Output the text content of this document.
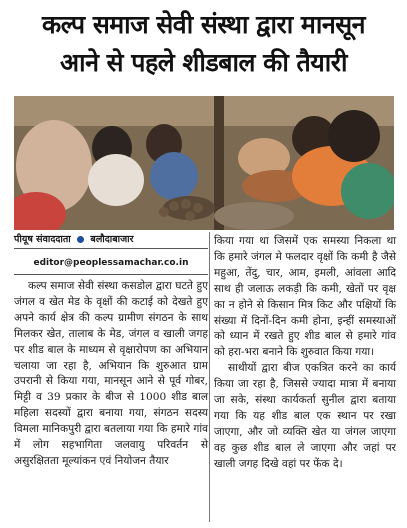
कल्प समाज सेवी संस्था द्वारा मानसून
आने से पहले शीडबाल की तैयारी
पीयूष संवाददाता बलौदाबाजार
editor@peoplessamachar.co.in

कल्प समाज सेवी संस्था कसडोल द्वारा घटते हुए जंगल व खेत मेड के वृक्षों की कटाई को देखते हुए अपने कार्य क्षेत्र की कल्प ग्रामीण संगठन के साथ मिलकर खेत, तालाब के मेड, जंगल व खाली जगह पर शीड बाल के माध्यम से वृक्षारोपण का अभियान चलाया जा रहा है, अभियान कि शुरुआत ग्राम उपरानी से किया गया, मानसून आने से पूर्व गोबर, मिट्टी व 39 प्रकार के बीज से 1000 शीड बाल महिला सदस्यों द्वारा बनाया गया, संगठन सदस्य विमला मानिकपुरी द्वारा बतलाया गया कि हमारे गांव में लोग सहभागिता जलवायु परिवर्तन से असुरक्षितता मूल्यांकन एवं नियोजन तैयार

किया गया था जिसमें एक समस्या निकला था कि हमारे जंगल मे फलदार वृक्षों कि कमी है जैसे महुआ, तेंदु, चार, आम, इमली, आंवला आदि साथ ही जलाऊ लकड़ी कि कमी, खेतों पर वृक्ष का न होने से किसान मित्र किट और पक्षियों कि संख्या में दिनों-दिन कमी होना, इन्हीं समस्याओं को ध्यान में रखते हुए शीड बाल से हमारे गांव को हरा-भरा बनाने कि शुरुवात किया गया।

साथीयों द्वारा बीज एकत्रित करने का कार्य किया जा रहा है, जिससे ज्यादा मात्रा में बनाया जा सके, संस्था कार्यकर्ता सुनील द्वारा बताया गया कि यह शीड बाल एक स्थान पर रखा जाएगा, और जो व्यक्ति खेत या जंगल जाएगा वह कुछ शीड बाल ले जाएगा और जहां पर खाली जगह दिखे वहां पर फेंक दे।
